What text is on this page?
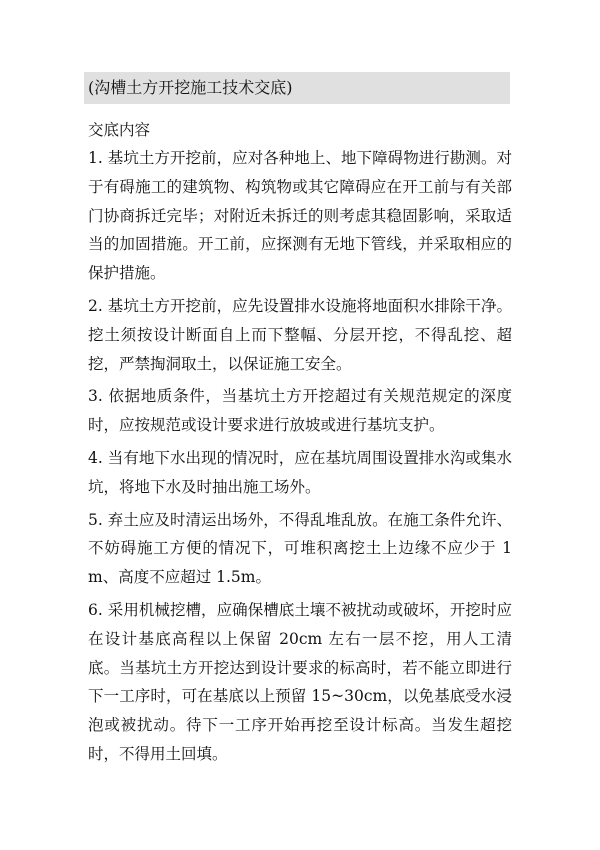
(沟槽土方开挖施工技术交底)
交底内容

1. 基坑土方开挖前，应对各种地上、地下障碍物进行勘测。对于有碍施工的建筑物、构筑物或其它障碍应在开工前与有关部门协商拆迁完毕；对附近未拆迁的则考虑其稳固影响，采取适当的加固措施。开工前，应探测有无地下管线，并采取相应的保护措施。

2. 基坑土方开挖前，应先设置排水设施将地面积水排除干净。挖土须按设计断面自上而下整幅、分层开挖，不得乱挖、超挖，严禁掏洞取土，以保证施工安全。

3. 依据地质条件，当基坑土方开挖超过有关规范规定的深度时，应按规范或设计要求进行放坡或进行基坑支护。

4. 当有地下水出现的情况时，应在基坑周围设置排水沟或集水坑，将地下水及时抽出施工场外。

5. 弃土应及时清运出场外，不得乱堆乱放。在施工条件允许、不妨碍施工方便的情况下，可堆积离挖土上边缘不应少于 1m、高度不应超过 1.5m。

6. 采用机械挖槽，应确保槽底土壤不被扰动或破坏，开挖时应在设计基底高程以上保留 20cm 左右一层不挖，用人工清底。当基坑土方开挖达到设计要求的标高时，若不能立即进行下一工序时，可在基底以上预留 15~30cm，以免基底受水浸泡或被扰动。待下一工序开始再挖至设计标高。当发生超挖时，不得用土回填。
